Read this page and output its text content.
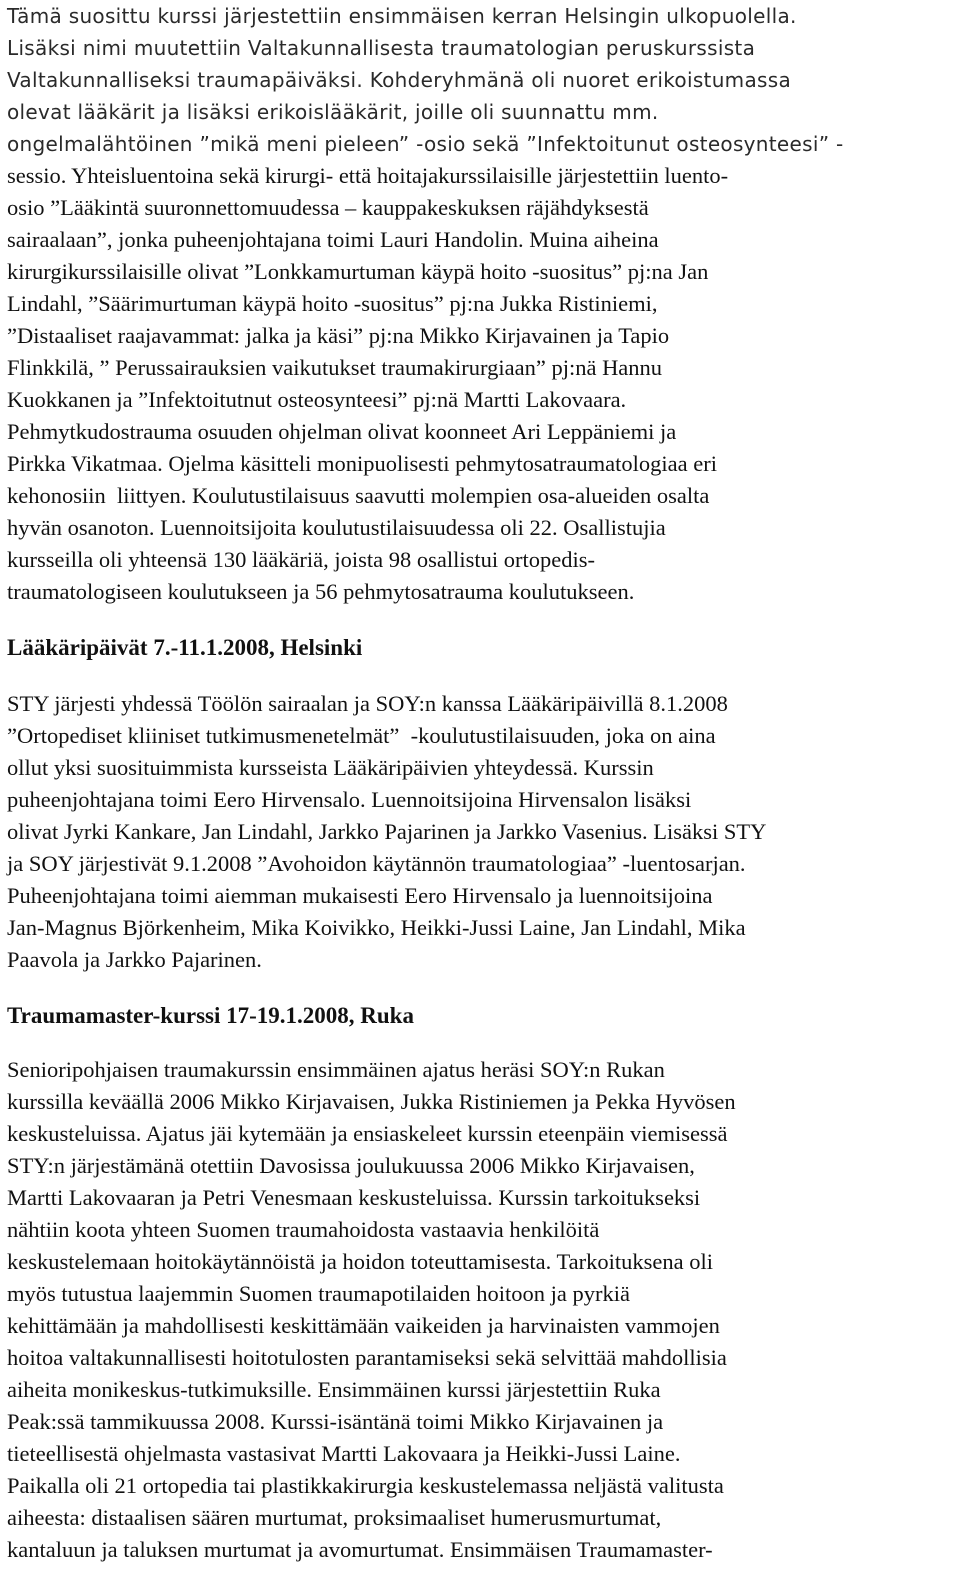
Tämä suosittu kurssi järjestettiin ensimmäisen kerran Helsingin ulkopuolella.
Lisäksi nimi muutettiin Valtakunnallisesta traumatologian peruskurssista
Valtakunnalliseksi traumapäiväksi. Kohderyhmänä oli nuoret erikoistumassa
olevat lääkärit ja lisäksi erikoislääkärit, joille oli suunnattu mm.
ongelmalähtöinen ”mikä meni pieleen” -osio sekä ”Infektoitunut osteosynteesi” -
sessio. Yhteisluentoina sekä kirurgi- että hoitajakurssilaisille järjestettiin luento-
osio ”Lääkintä suuronnettomuudessa – kauppakeskuksen räjähdyksestä
sairaalaan”, jonka puheenjohtajana toimi Lauri Handolin. Muina aiheina
kirurgikurssilaisille olivat ”Lonkkamurtuman käypä hoito -suositus” pj:na Jan
Lindahl, ”Säärimurtuman käypä hoito -suositus” pj:na Jukka Ristiniemi,
”Distaaliset raajavammat: jalka ja käsi” pj:na Mikko Kirjavainen ja Tapio
Flinkkilä, ” Perussairauksien vaikutukset traumakirurgiaan” pj:nä Hannu
Kuokkanen ja ”Infektoitutnut osteosynteesi” pj:nä Martti Lakovaara.
Pehmytkudostrauma osuuden ohjelman olivat koonneet Ari Leppäniemi ja
Pirkka Vikatmaa. Ojelma käsitteli monipuolisesti pehmytosatraumatologiaa eri
kehonosiin  liittyen. Koulutustilaisuus saavutti molempien osa-alueiden osalta
hyvän osanoton. Luennoitsijoita koulutustilaisuudessa oli 22. Osallistujia
kursseilla oli yhteensä 130 lääkäriä, joista 98 osallistui ortopedis-
traumatologiseen koulutukseen ja 56 pehmytosatrauma koulutukseen.
Lääkäripäivät 7.-11.1.2008, Helsinki
STY järjesti yhdessä Töölön sairaalan ja SOY:n kanssa Lääkäripäivillä 8.1.2008
”Ortopediset kliiniset tutkimusmenetelmät”  -koulutustilaisuuden, joka on aina
ollut yksi suosituimmista kursseista Lääkäripäivien yhteydessä. Kurssin
puheenjohtajana toimi Eero Hirvensalo. Luennoitsijoina Hirvensalon lisäksi
olivat Jyrki Kankare, Jan Lindahl, Jarkko Pajarinen ja Jarkko Vasenius. Lisäksi STY
ja SOY järjestivät 9.1.2008 ”Avohoidon käytännön traumatologiaa” -luentosarjan.
Puheenjohtajana toimi aiemman mukaisesti Eero Hirvensalo ja luennoitsijoina
Jan-Magnus Björkenheim, Mika Koivikko, Heikki-Jussi Laine, Jan Lindahl, Mika
Paavola ja Jarkko Pajarinen.
Traumamaster-kurssi 17-19.1.2008, Ruka
Senioripohjaisen traumakurssin ensimmäinen ajatus heräsi SOY:n Rukan
kurssilla keväällä 2006 Mikko Kirjavaisen, Jukka Ristiniemen ja Pekka Hyvösen
keskusteluissa. Ajatus jäi kytemään ja ensiaskeleet kurssin eteenpäin viemisessä
STY:n järjestämänä otettiin Davosissa joulukuussa 2006 Mikko Kirjavaisen,
Martti Lakovaaran ja Petri Venesmaan keskusteluissa. Kurssin tarkoitukseksi
nähtiin koota yhteen Suomen traumahoidosta vastaavia henkilöitä
keskustelemaan hoitokäytännöistä ja hoidon toteuttamisesta. Tarkoituksena oli
myös tutustua laajemmin Suomen traumapotilaiden hoitoon ja pyrkiä
kehittämään ja mahdollisesti keskittämään vaikeiden ja harvinaisten vammojen
hoitoa valtakunnallisesti hoitotulosten parantamiseksi sekä selvittää mahdollisia
aiheita monikeskus-tutkimuksille. Ensimmäinen kurssi järjestettiin Ruka
Peak:ssä tammikuussa 2008. Kurssi-isäntänä toimi Mikko Kirjavainen ja
tieteellisestä ohjelmasta vastasivat Martti Lakovaara ja Heikki-Jussi Laine.
Paikalla oli 21 ortopedia tai plastikkakirurgia keskustelemassa neljästä valitusta
aiheesta: distaalisen säären murtumat, proksimaaliset humerusmurtumat,
kantaluun ja taluksen murtumat ja avomurtumat. Ensimmäisen Traumamaster-
